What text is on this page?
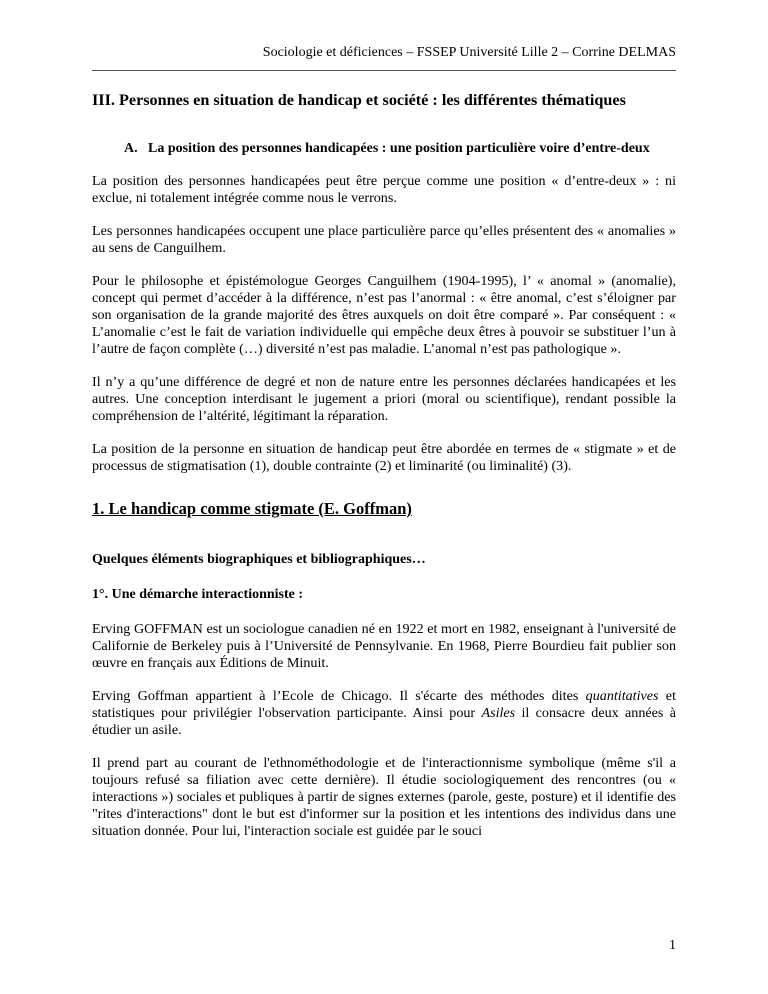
Sociologie et déficiences – FSSEP Université Lille 2 – Corrine DELMAS
III. Personnes en situation de handicap et société : les différentes thématiques
A. La position des personnes handicapées : une position particulière voire d’entre-deux

La position des personnes handicapées peut être perçue comme une position « d’entre-deux » : ni exclue, ni totalement intégrée comme nous le verrons.

Les personnes handicapées occupent une place particulière parce qu’elles présentent des « anomalies » au sens de Canguilhem.

Pour le philosophe et épistémologue Georges Canguilhem (1904-1995), l’ « anomal » (anomalie), concept qui permet d’accéder à la différence, n’est pas l’anormal : « être anomal, c’est s’éloigner par son organisation de la grande majorité des êtres auxquels on doit être comparé ». Par conséquent : « L’anomalie c’est le fait de variation individuelle qui empêche deux êtres à pouvoir se substituer l’un à l’autre de façon complète (…) diversité n’est pas maladie. L’anomal n’est pas pathologique ».

Il n’y a qu’une différence de degré et non de nature entre les personnes déclarées handicapées et les autres. Une conception interdisant le jugement a priori (moral ou scientifique), rendant possible la compréhension de l’altérité, légitimant la réparation.

La position de la personne en situation de handicap peut être abordée en termes de « stigmate » et de processus de stigmatisation (1), double contrainte (2) et liminarité (ou liminalité) (3).

1. Le handicap comme stigmate (E. Goffman)

Quelques éléments biographiques et bibliographiques…

1°. Une démarche interactionniste :

Erving GOFFMAN est un sociologue canadien né en 1922 et mort en 1982, enseignant à l'université de Californie de Berkeley puis à l’Université de Pennsylvanie. En 1968, Pierre Bourdieu fait publier son œuvre en français aux Éditions de Minuit.

Erving Goffman appartient à l’Ecole de Chicago. Il s'écarte des méthodes dites quantitatives et statistiques pour privilégier l'observation participante. Ainsi pour Asiles il consacre deux années à étudier un asile.

Il prend part au courant de l'ethnométhodologie et de l'interactionnisme symbolique (même s'il a toujours refusé sa filiation avec cette dernière). Il étudie sociologiquement des rencontres (ou « interactions ») sociales et publiques à partir de signes externes (parole, geste, posture) et il identifie des "rites d'interactions" dont le but est d'informer sur la position et les intentions des individus dans une situation donnée. Pour lui, l'interaction sociale est guidée par le souci

1
